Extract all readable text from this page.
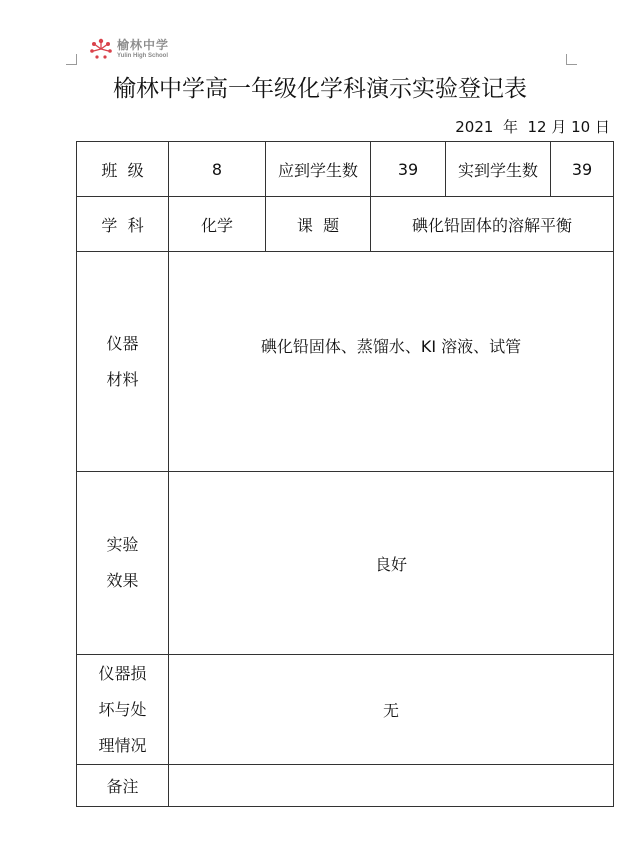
榆林中学
Yulin High School
榆林中学高一年级化学科演示实验登记表
2021  年  12 月 10 日
班  级	8	应到学生数	39	实到学生数	39
学  科	化学	课  题	碘化铅固体的溶解平衡		

仪器
材料	碘化铅固体、蒸馏水、KI 溶液、试管				

实验
效果	良好				

仪器损
坏与处
理情况	无				
备注					
